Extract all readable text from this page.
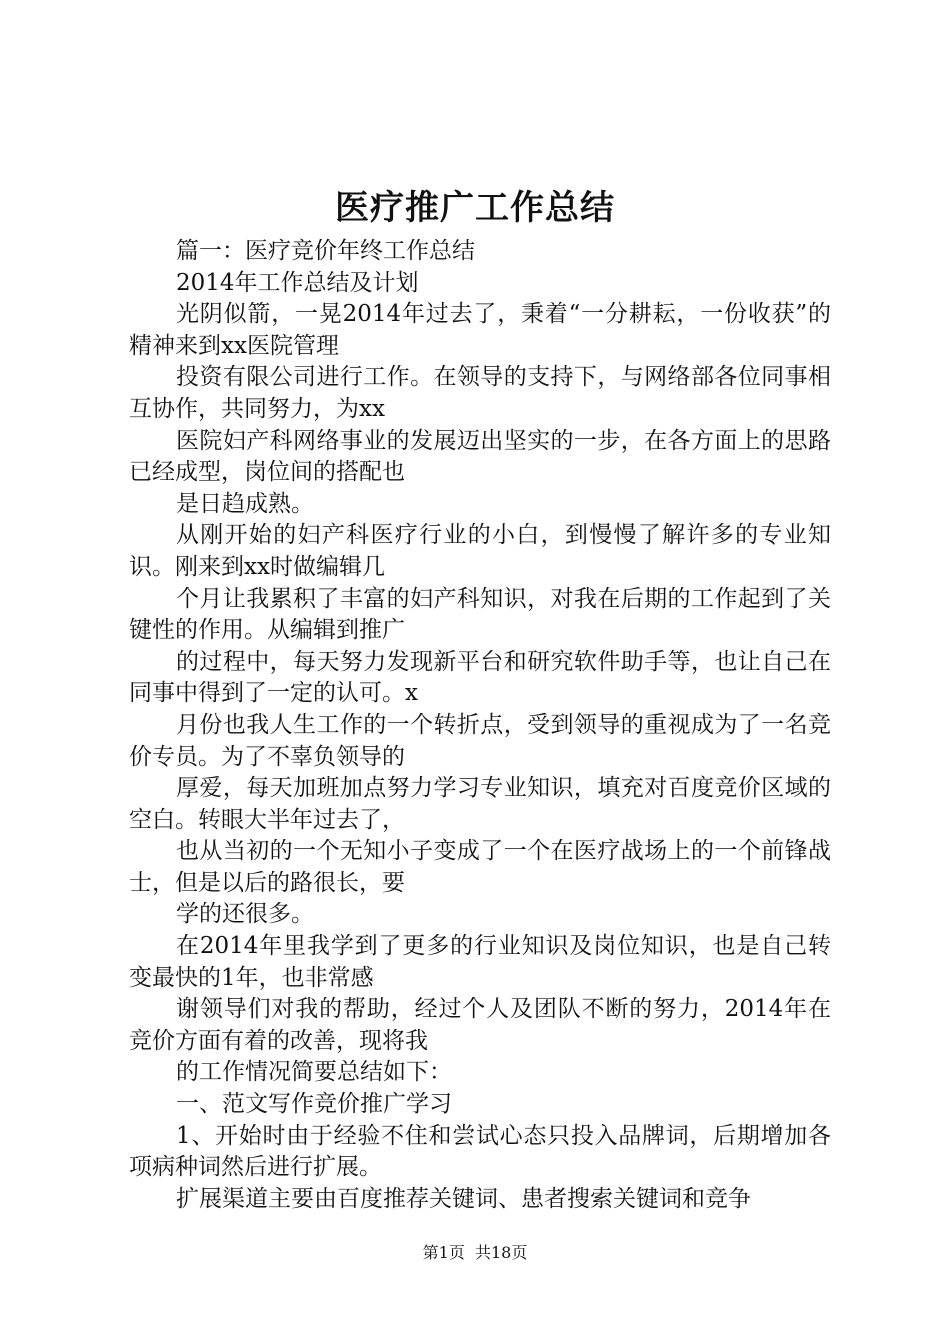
医疗推广工作总结

篇一：医疗竞价年终工作总结

2014年工作总结及计划

光阴似箭，一晃2014年过去了，秉着“一分耕耘，一份收获”的精神来到xx医院管理

投资有限公司进行工作。在领导的支持下，与网络部各位同事相互协作，共同努力，为xx

医院妇产科网络事业的发展迈出坚实的一步，在各方面上的思路已经成型，岗位间的搭配也

是日趋成熟。

从刚开始的妇产科医疗行业的小白，到慢慢了解许多的专业知识。刚来到xx时做编辑几

个月让我累积了丰富的妇产科知识，对我在后期的工作起到了关键性的作用。从编辑到推广

的过程中，每天努力发现新平台和研究软件助手等，也让自己在同事中得到了一定的认可。x

月份也我人生工作的一个转折点，受到领导的重视成为了一名竞价专员。为了不辜负领导的

厚爱，每天加班加点努力学习专业知识，填充对百度竞价区域的空白。转眼大半年过去了，

也从当初的一个无知小子变成了一个在医疗战场上的一个前锋战士，但是以后的路很长，要

学的还很多。

在2014年里我学到了更多的行业知识及岗位知识，也是自己转变最快的1年，也非常感

谢领导们对我的帮助，经过个人及团队不断的努力，2014年在竞价方面有着的改善，现将我

的工作情况简要总结如下：

一、范文写作竞价推广学习

1、开始时由于经验不住和尝试心态只投入品牌词，后期增加各项病种词然后进行扩展。

扩展渠道主要由百度推荐关键词、患者搜索关键词和竞争

第1页  共18页
